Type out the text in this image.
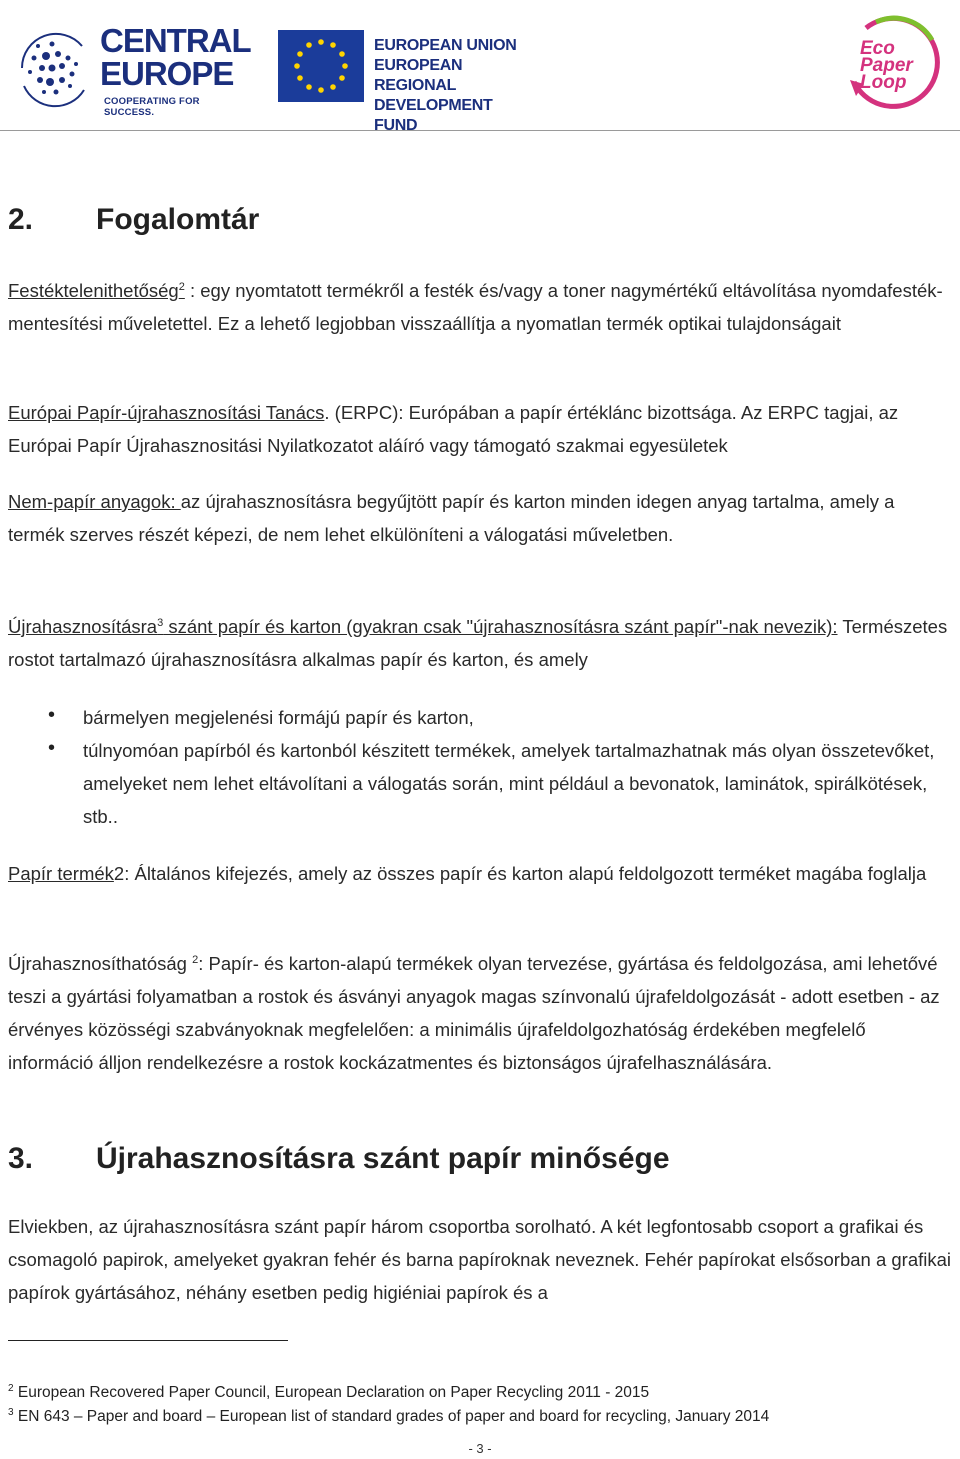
CENTRAL
EUROPE
COOPERATING FOR SUCCESS.
EUROPEAN UNION
EUROPEAN REGIONAL
DEVELOPMENT FUND
Eco
Paper
Loop
2. Fogalomtár
Festéktelenithetőség$^2$ : egy nyomtatott termékről a festék és/vagy a toner nagymértékű eltávolítása nyomdafesték-mentesítési műveletettel. Ez a lehető legjobban visszaállítja a nyomatlan termék optikai tulajdonságait
Európai Papír-újrahasznosítási Tanács. (ERPC): Európában a papír értéklánc bizottsága. Az ERPC tagjai, az Európai Papír Újrahasznositási Nyilatkozatot aláíró vagy támogató szakmai egyesületek
Nem-papír anyagok: az újrahasznosításra begyűjtött papír és karton minden idegen anyag tartalma, amely a termék szerves részét képezi, de nem lehet elkülöníteni a válogatási műveletben.
Újrahasznosításra$^3$ szánt papír és karton (gyakran csak "újrahasznosításra szánt papír"-nak nevezik): Természetes rostot tartalmazó újrahasznosításra alkalmas papír és karton, és amely
• bármelyen megjelenési formájú papír és karton,
• túlnyomóan papírból és kartonból készitett termékek, amelyek tartalmazhatnak más olyan összetevőket, amelyeket nem lehet eltávolítani a válogatás során, mint például a bevonatok, laminátok, spirálkötések, stb..
Papír termék2: Általános kifejezés, amely az összes papír és karton alapú feldolgozott terméket magába foglalja
Újrahasznosíthatóság $^2$: Papír- és karton-alapú termékek olyan tervezése, gyártása és feldolgozása, ami lehetővé teszi a gyártási folyamatban a rostok és ásványi anyagok magas színvonalú újrafeldolgozását - adott esetben - az érvényes közösségi szabványoknak megfelelően: a minimális újrafeldolgozhatóság érdekében megfelelő információ álljon rendelkezésre a rostok kockázatmentes és biztonságos újrafelhasználására.
3. Újrahasznosításra szánt papír minősége
Elviekben, az újrahasznosításra szánt papír három csoportba sorolható. A két legfontosabb csoport a grafikai és csomagoló papirok, amelyeket gyakran fehér és barna papíroknak neveznek. Fehér papírokat elsősorban a grafikai papírok gyártásához, néhány esetben pedig higiéniai papírok és a
$^2$ European Recovered Paper Council, European Declaration on Paper Recycling 2011 - 2015
$^3$ EN 643 – Paper and board – European list of standard grades of paper and board for recycling, January 2014
- 3 -
